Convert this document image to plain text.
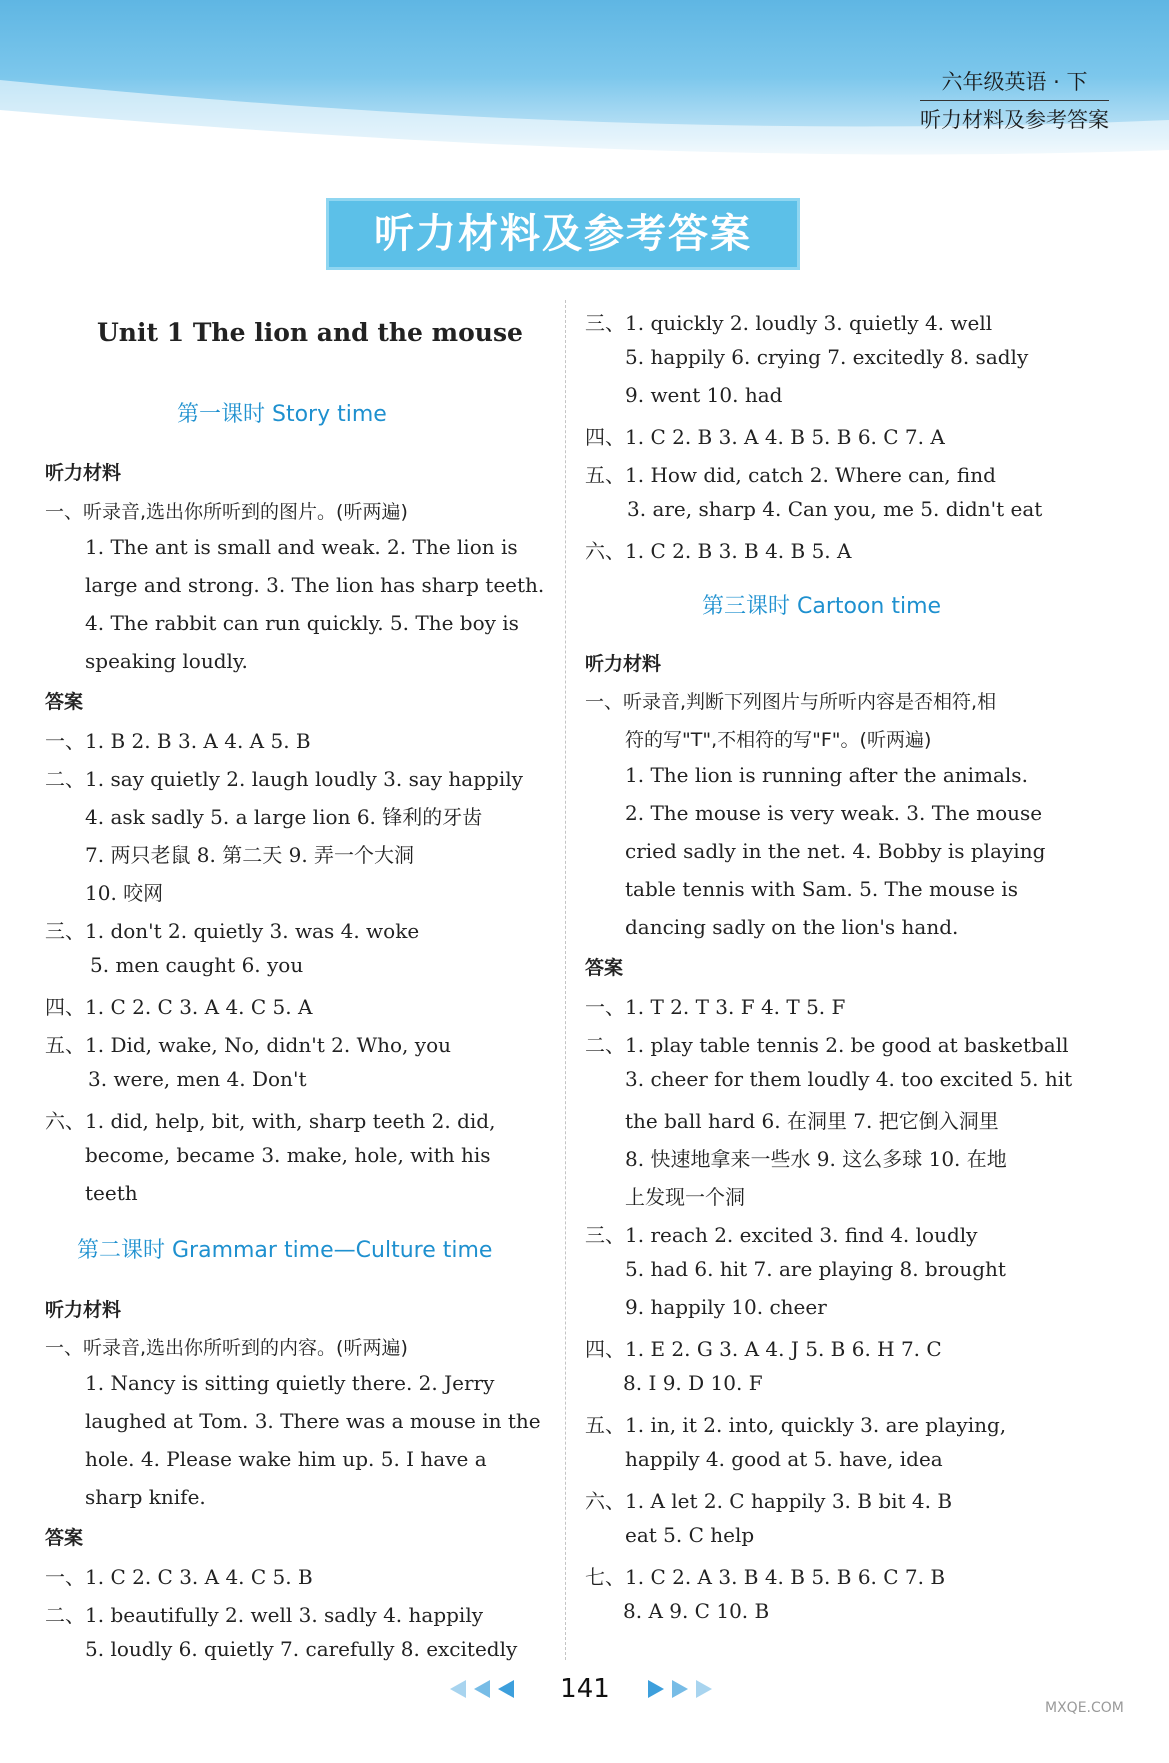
六年级英语 · 下
听力材料及参考答案
听力材料及参考答案
Unit 1 The lion and the mouse
第一课时 Story time
听力材料
一、听录音,选出你所听到的图片。(听两遍)
1. The ant is small and weak. 2. The lion is
large and strong. 3. The lion has sharp teeth.
4. The rabbit can run quickly. 5. The boy is
speaking loudly.
答案
一、1. B 2. B 3. A 4. A 5. B
二、1. say quietly 2. laugh loudly 3. say happily
4. ask sadly 5. a large lion 6. 锋利的牙齿
7. 两只老鼠 8. 第二天 9. 弄一个大洞
10. 咬网
三、1. don't 2. quietly 3. was 4. woke
5. men caught 6. you
四、1. C 2. C 3. A 4. C 5. A
五、1. Did, wake, No, didn't 2. Who, you
3. were, men 4. Don't
六、1. did, help, bit, with, sharp teeth 2. did,
become, became 3. make, hole, with his
teeth
第二课时 Grammar time—Culture time
听力材料
一、听录音,选出你所听到的内容。(听两遍)
1. Nancy is sitting quietly there. 2. Jerry
laughed at Tom. 3. There was a mouse in the
hole. 4. Please wake him up. 5. I have a
sharp knife.
答案
一、1. C 2. C 3. A 4. C 5. B
二、1. beautifully 2. well 3. sadly 4. happily
5. loudly 6. quietly 7. carefully 8. excitedly
三、1. quickly 2. loudly 3. quietly 4. well
5. happily 6. crying 7. excitedly 8. sadly
9. went 10. had
四、1. C 2. B 3. A 4. B 5. B 6. C 7. A
五、1. How did, catch 2. Where can, find
3. are, sharp 4. Can you, me 5. didn't eat
六、1. C 2. B 3. B 4. B 5. A
第三课时 Cartoon time
听力材料
一、听录音,判断下列图片与所听内容是否相符,相
符的写"T",不相符的写"F"。(听两遍)
1. The lion is running after the animals.
2. The mouse is very weak. 3. The mouse
cried sadly in the net. 4. Bobby is playing
table tennis with Sam. 5. The mouse is
dancing sadly on the lion's hand.
答案
一、1. T 2. T 3. F 4. T 5. F
二、1. play table tennis 2. be good at basketball
3. cheer for them loudly 4. too excited 5. hit
the ball hard 6. 在洞里 7. 把它倒入洞里
8. 快速地拿来一些水 9. 这么多球 10. 在地
上发现一个洞
三、1. reach 2. excited 3. find 4. loudly
5. had 6. hit 7. are playing 8. brought
9. happily 10. cheer
四、1. E 2. G 3. A 4. J 5. B 6. H 7. C
8. I 9. D 10. F
五、1. in, it 2. into, quickly 3. are playing,
happily 4. good at 5. have, idea
六、1. A let 2. C happily 3. B bit 4. B
eat 5. C help
七、1. C 2. A 3. B 4. B 5. B 6. C 7. B
8. A 9. C 10. B
141
MXQE.COM
